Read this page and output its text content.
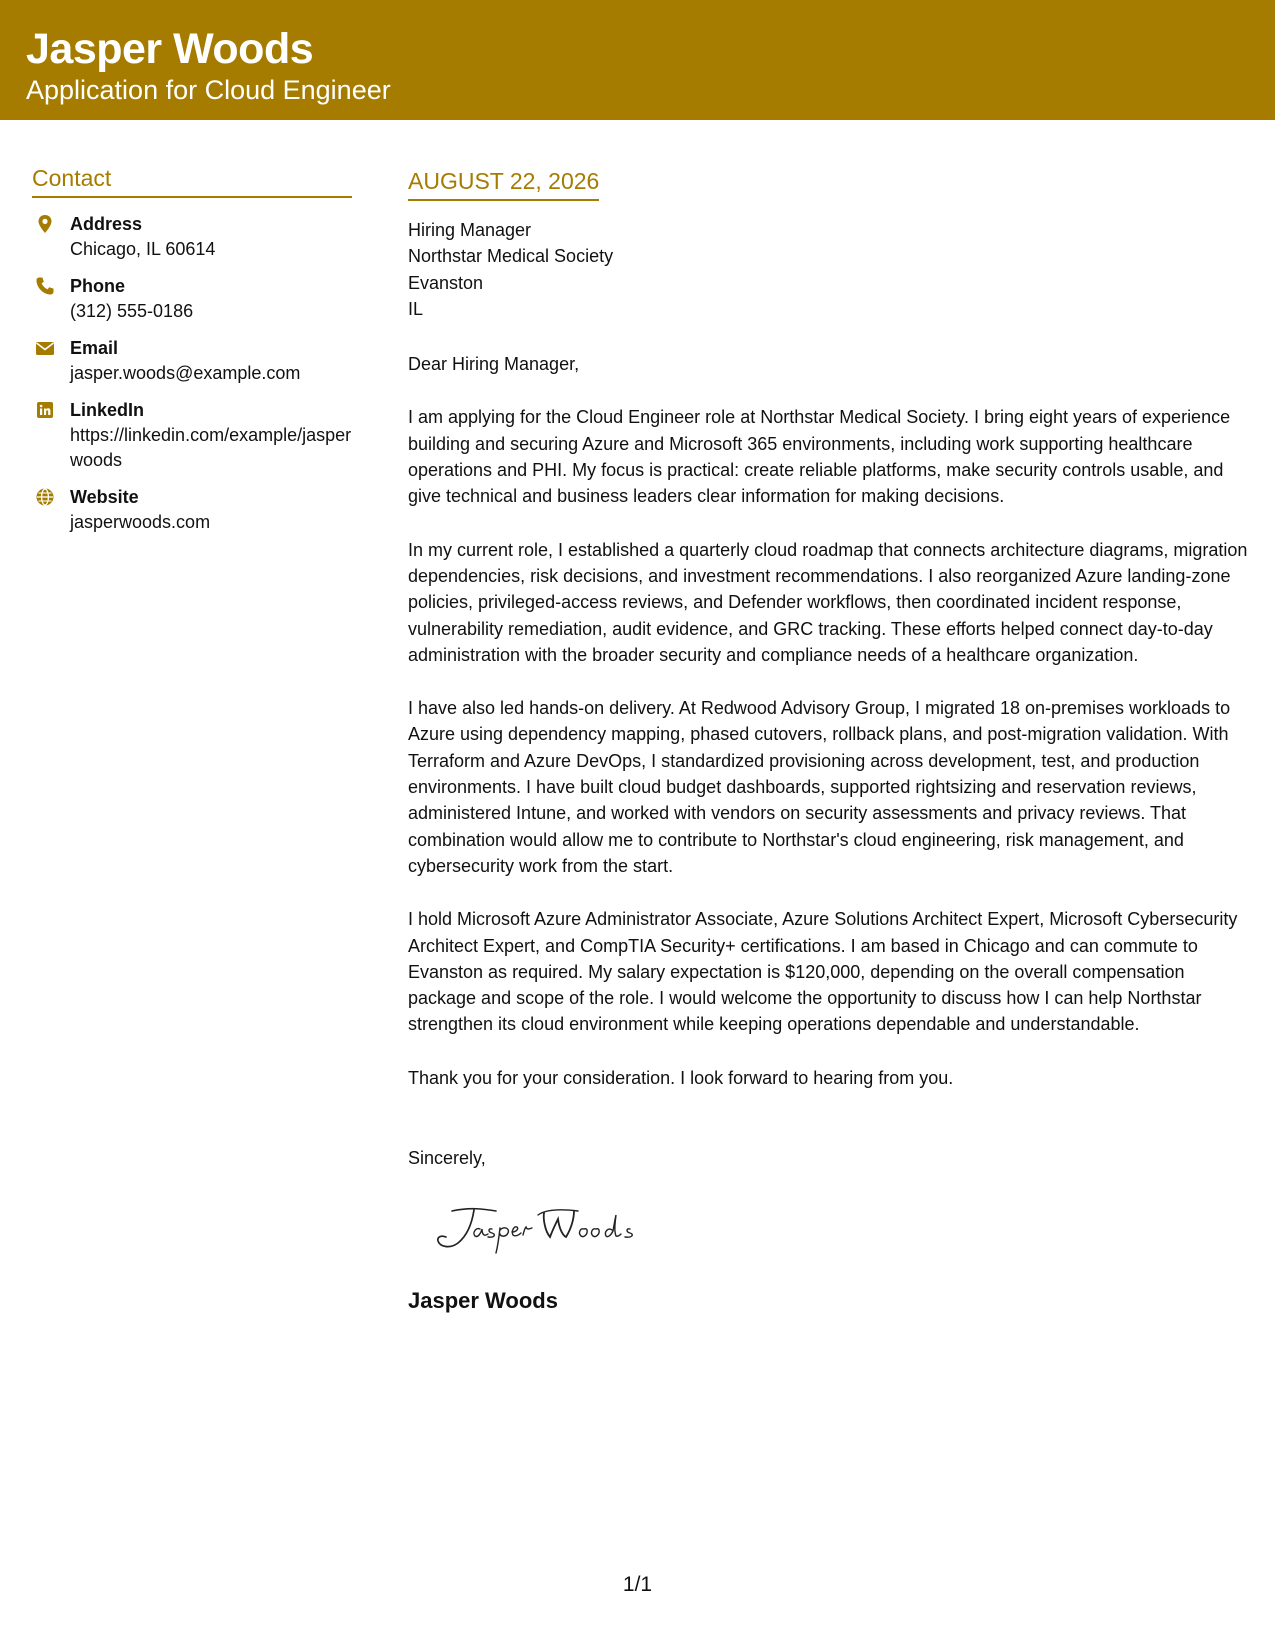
Jasper Woods
Application for Cloud Engineer
Contact
Address
Chicago, IL 60614
Phone
(312) 555-0186
Email
jasper.woods@example.com
LinkedIn
https://linkedin.com/example/jasperwoods
Website
jasperwoods.com
AUGUST 22, 2026
Hiring Manager
Northstar Medical Society
Evanston
IL
Dear Hiring Manager,
I am applying for the Cloud Engineer role at Northstar Medical Society. I bring eight years of experience building and securing Azure and Microsoft 365 environments, including work supporting healthcare operations and PHI. My focus is practical: create reliable platforms, make security controls usable, and give technical and business leaders clear information for making decisions.
In my current role, I established a quarterly cloud roadmap that connects architecture diagrams, migration dependencies, risk decisions, and investment recommendations. I also reorganized Azure landing-zone policies, privileged-access reviews, and Defender workflows, then coordinated incident response, vulnerability remediation, audit evidence, and GRC tracking. These efforts helped connect day-to-day administration with the broader security and compliance needs of a healthcare organization.
I have also led hands-on delivery. At Redwood Advisory Group, I migrated 18 on-premises workloads to Azure using dependency mapping, phased cutovers, rollback plans, and post-migration validation. With Terraform and Azure DevOps, I standardized provisioning across development, test, and production environments. I have built cloud budget dashboards, supported rightsizing and reservation reviews, administered Intune, and worked with vendors on security assessments and privacy reviews. That combination would allow me to contribute to Northstar's cloud engineering, risk management, and cybersecurity work from the start.
I hold Microsoft Azure Administrator Associate, Azure Solutions Architect Expert, Microsoft Cybersecurity Architect Expert, and CompTIA Security+ certifications. I am based in Chicago and can commute to Evanston as required. My salary expectation is $120,000, depending on the overall compensation package and scope of the role. I would welcome the opportunity to discuss how I can help Northstar strengthen its cloud environment while keeping operations dependable and understandable.
Thank you for your consideration. I look forward to hearing from you.
Sincerely,
Jasper Woods
1/1
